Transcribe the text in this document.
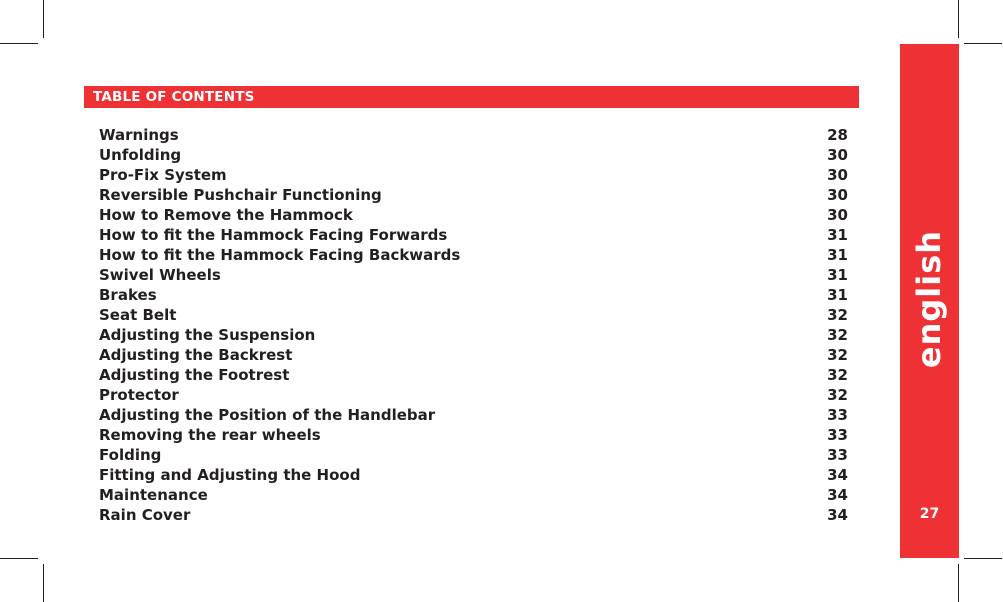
TABLE OF CONTENTS
Warnings	28
Unfolding	30
Pro-Fix System	30
Reversible Pushchair Functioning	30
How to Remove the Hammock	30
How to fit the Hammock Facing Forwards	31
How to fit the Hammock Facing Backwards	31
Swivel Wheels	31
Brakes	31
Seat Belt	32
Adjusting the Suspension	32
Adjusting the Backrest	32
Adjusting the Footrest	32
Protector	32
Adjusting the Position of the Handlebar	33
Removing the rear wheels	33
Folding	33
Fitting and Adjusting the Hood	34
Maintenance	34
Rain Cover	34
english
27
